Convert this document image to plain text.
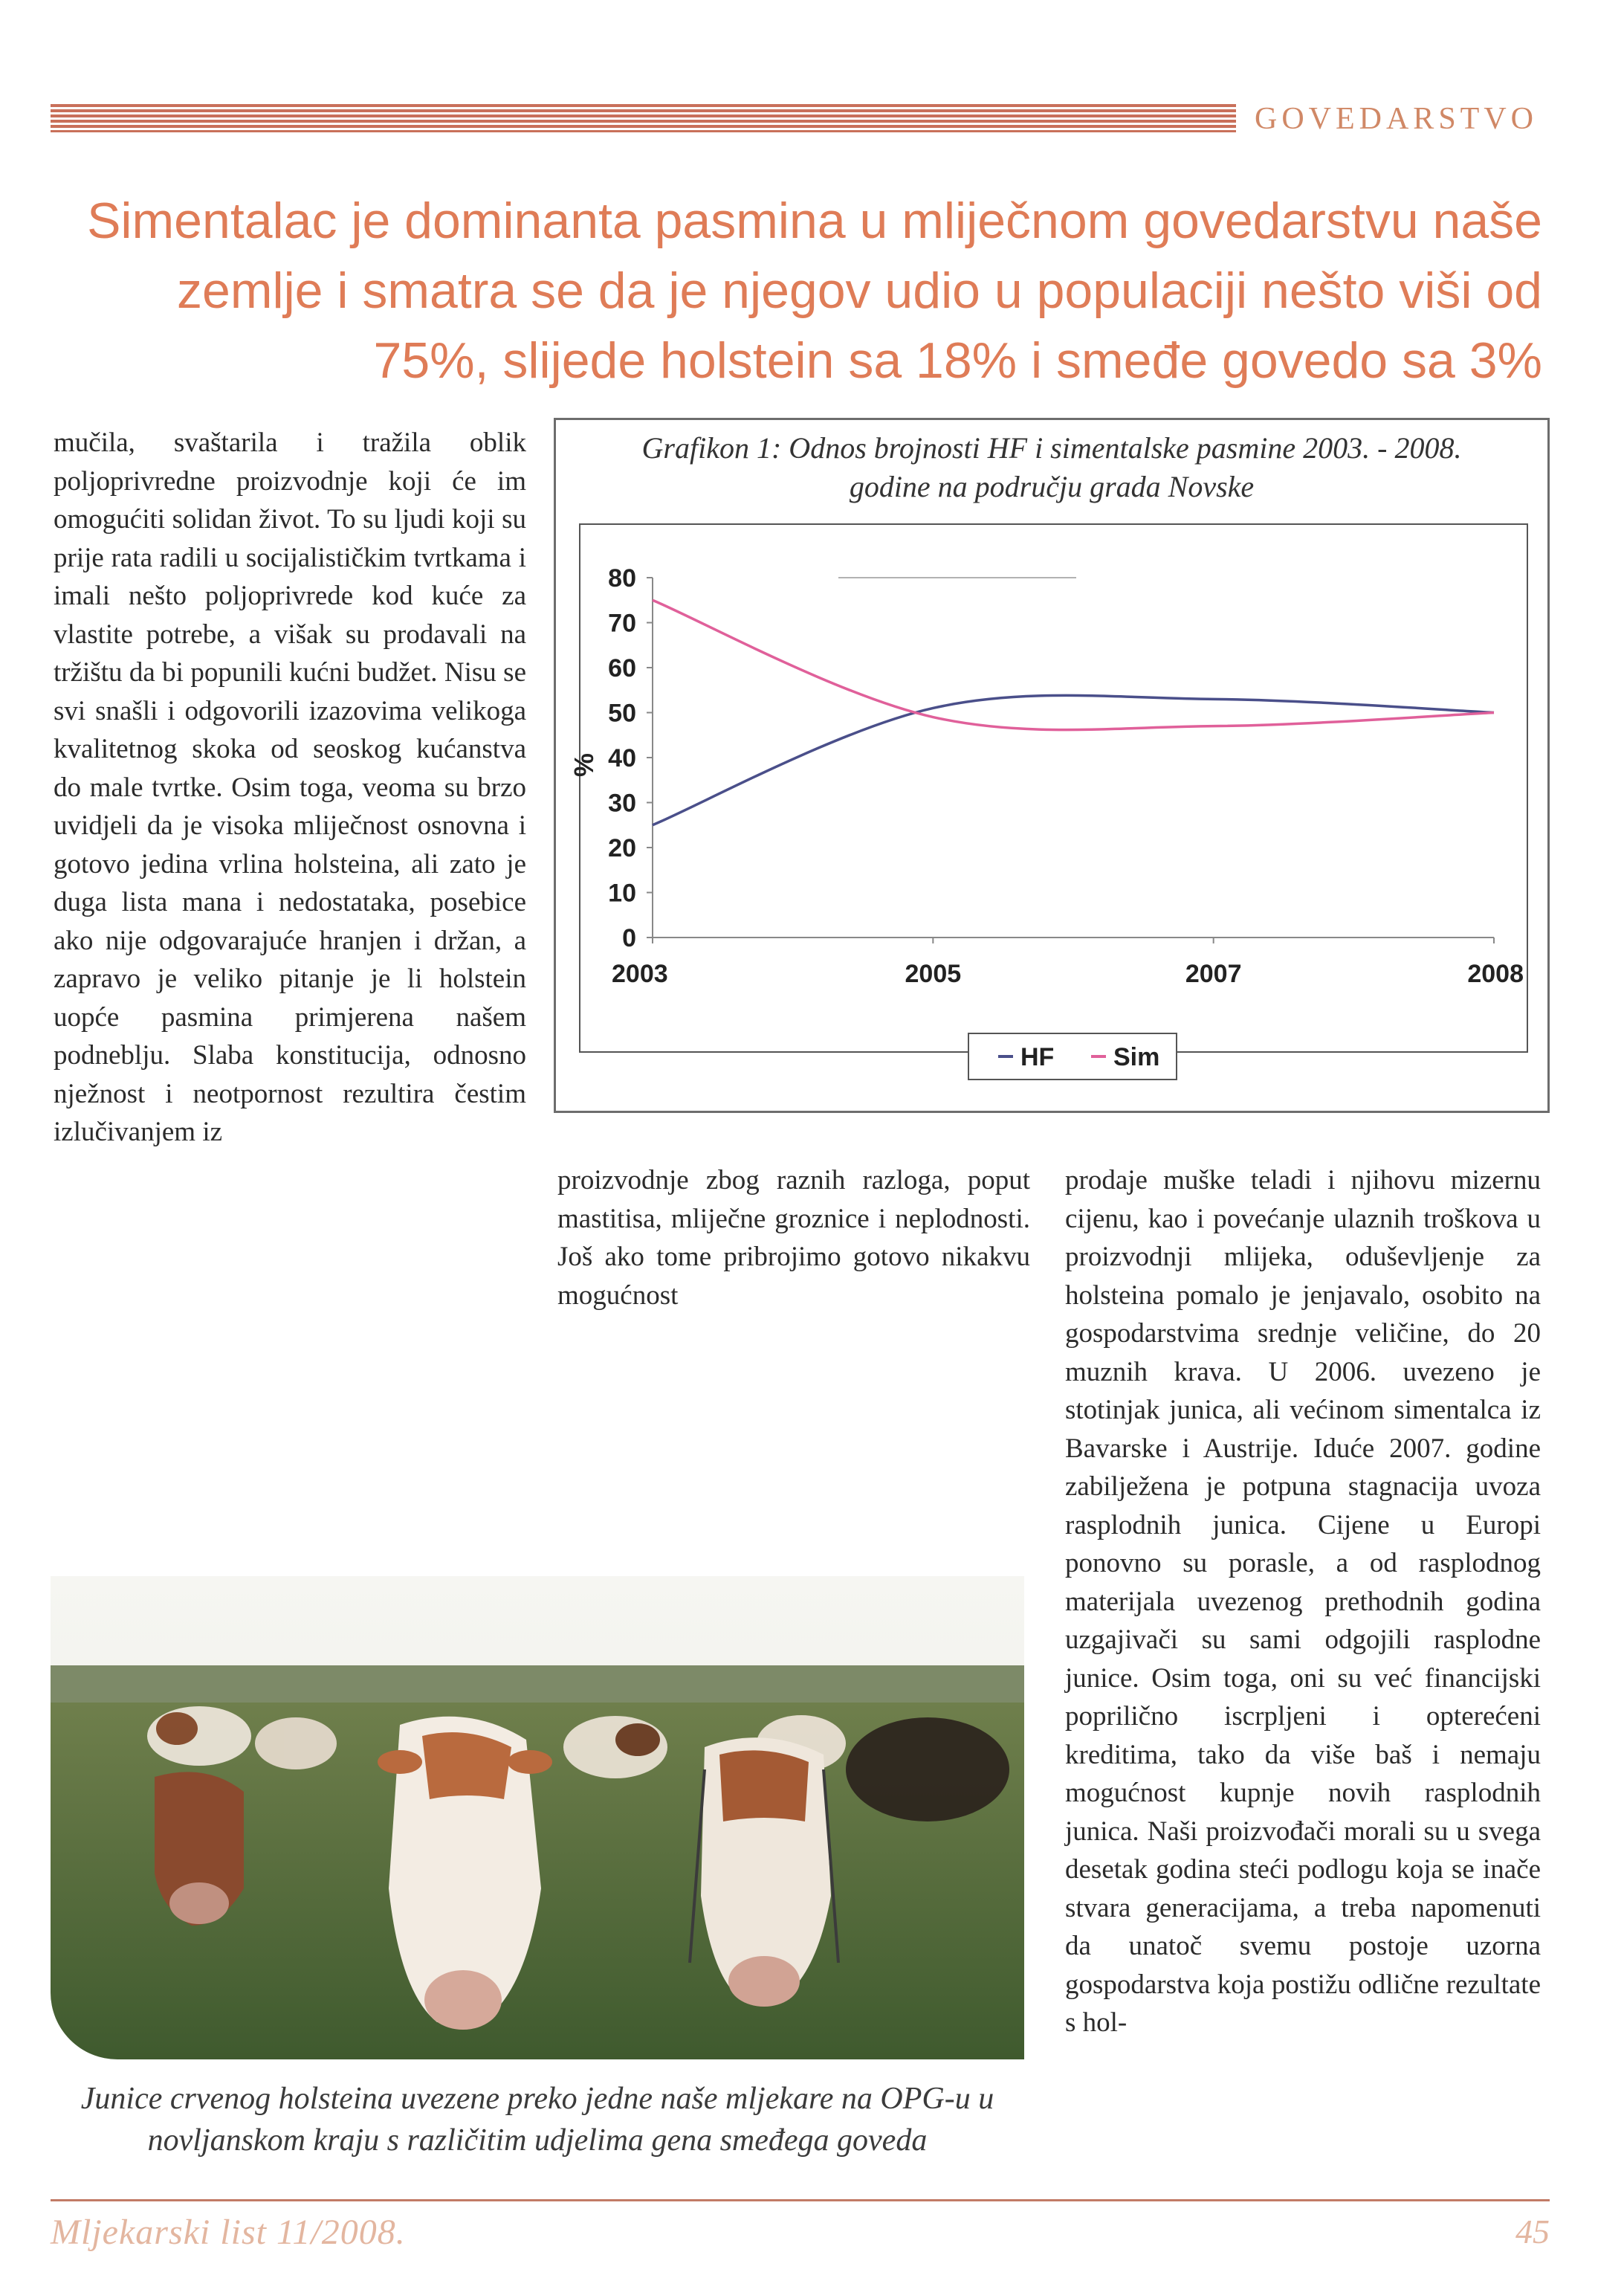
GOVEDARSTVO
Simentalac je dominanta pasmina u mliječnom govedarstvu naše zemlje i smatra se da je njegov udio u populaciji nešto viši od 75%, slijede holstein sa 18% i smeđe govedo sa 3%

mučila, svaštarila i tražila oblik poljoprivredne proizvodnje koji će im omogućiti solidan život. To su ljudi koji su prije rata radili u socijalističkim tvrtkama i imali nešto poljoprivrede kod kuće za vlastite potrebe, a višak su prodavali na tržištu da bi popunili kućni budžet. Nisu se svi snašli i odgovorili izazovima velikoga kvalitetnog skoka od seoskog kućanstva do male tvrtke. Osim toga, veoma su brzo uvidjeli da je visoka mliječnost osnovna i gotovo jedina vrlina holsteina, ali zato je duga lista mana i nedostataka, posebice ako nije odgovarajuće hranjen i držan, a zapravo je veliko pitanje je li holstein uopće pasmina primjerena našem podneblju. Slaba konstitucija, odnosno nježnost i neotpornost rezultira čestim izlučivanjem iz

Grafikon 1: Odnos brojnosti HF i simentalske pasmine 2003. - 2008.
godine na području grada Novske
0
10
20
30
40
50
60
70
80
%
2003	2005	2007	2008
HF Sim

proizvodnje zbog raznih razloga, poput mastitisa, mliječne groznice i neplodnosti. Još ako tome pribrojimo gotovo nikakvu mogućnost

prodaje muške teladi i njihovu mizernu cijenu, kao i povećanje ulaznih troškova u proizvodnji mlijeka, oduševljenje za holsteina pomalo je jenjavalo, osobito na gospodarstvima srednje veličine, do 20 muznih krava. U 2006. uvezeno je stotinjak junica, ali većinom simentalca iz Bavarske i Austrije. Iduće 2007. godine zabilježena je potpuna stagnacija uvoza rasplodnih junica. Cijene u Europi ponovno su porasle, a od rasplodnog materijala uvezenog prethodnih godina uzgajivači su sami odgojili rasplodne junice. Osim toga, oni su već financijski poprilično iscrpljeni i opterećeni kreditima, tako da više baš i nemaju mogućnost kupnje novih rasplodnih junica. Naši proizvođači morali su u svega desetak godina steći podlogu koja se inače stvara generacijama, a treba napomenuti da unatoč svemu postoje uzorna gospodarstva koja postižu odlične rezultate s hol-

Junice crvenog holsteina uvezene preko jedne naše mljekare na OPG-u u novljanskom kraju s različitim udjelima gena smeđega goveda
Mljekarski list 11/2008.	45
